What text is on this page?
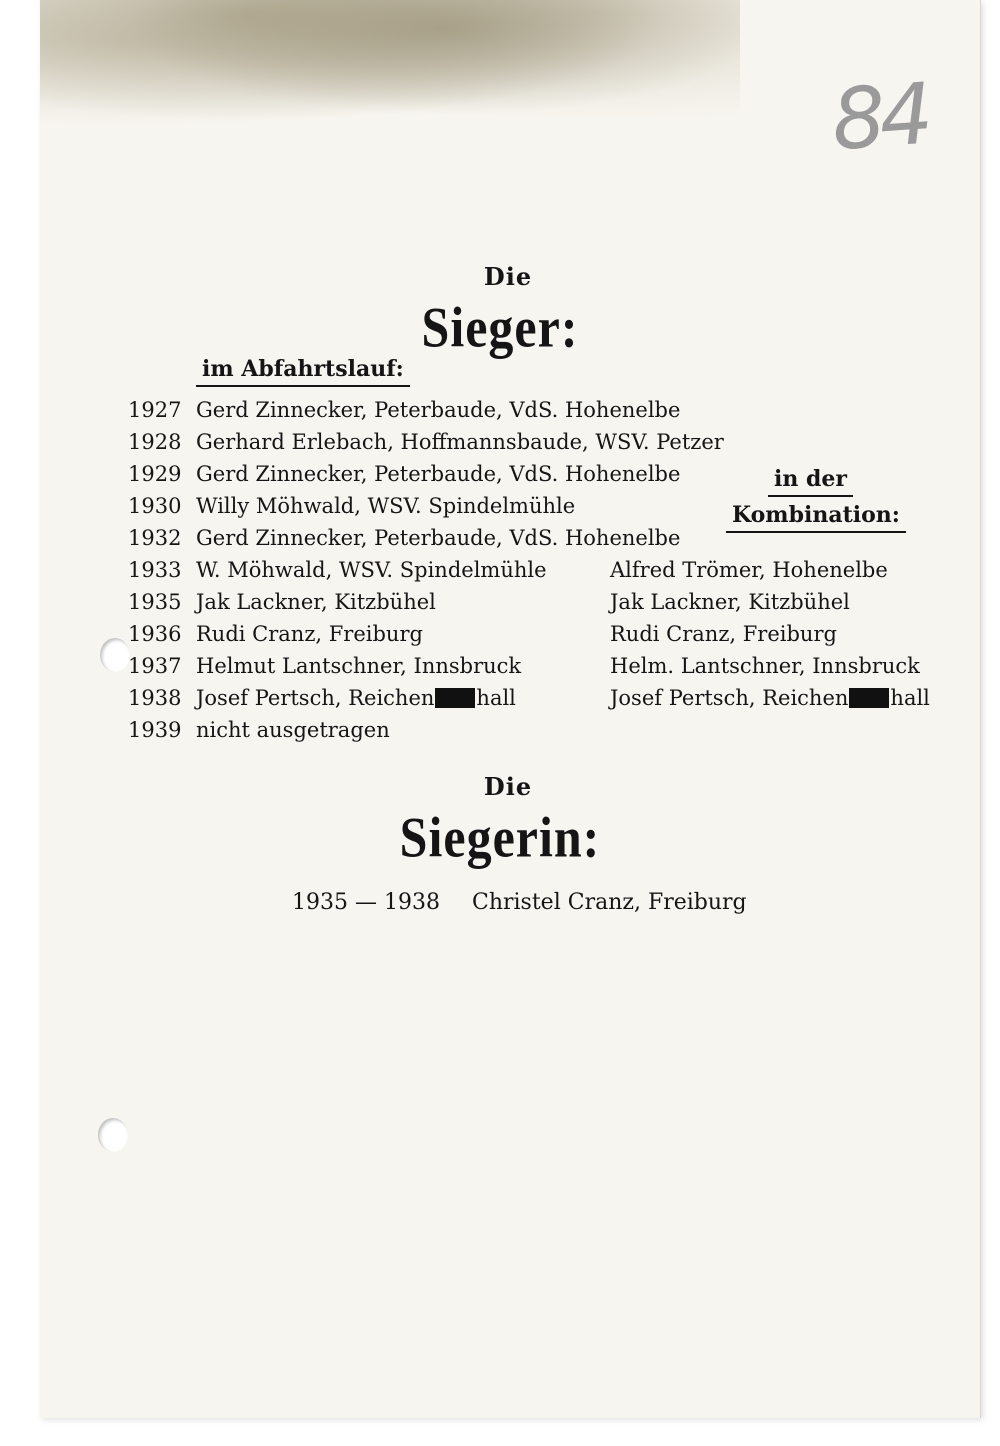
84
Die
Sieger:
im Abfahrtslauf:
in der
Kombination:
1927 Gerd Zinnecker, Peterbaude, VdS. Hohenelbe
1928 Gerhard Erlebach, Hoffmannsbaude, WSV. Petzer
1929 Gerd Zinnecker, Peterbaude, VdS. Hohenelbe
1930 Willy Möhwald, WSV. Spindelmühle
1932 Gerd Zinnecker, Peterbaude, VdS. Hohenelbe
1933 W. Möhwald, WSV. Spindelmühle	Alfred Trömer, Hohenelbe
1935 Jak Lackner, Kitzbühel	Jak Lackner, Kitzbühel
1936 Rudi Cranz, Freiburg	Rudi Cranz, Freiburg
1937 Helmut Lantschner, Innsbruck	Helm. Lantschner, Innsbruck
1938 Josef Pertsch, Reichen hall	Josef Pertsch, Reichen hall
1939 nicht ausgetragen
Die
Siegerin:
1935 — 1938 Christel Cranz, Freiburg
